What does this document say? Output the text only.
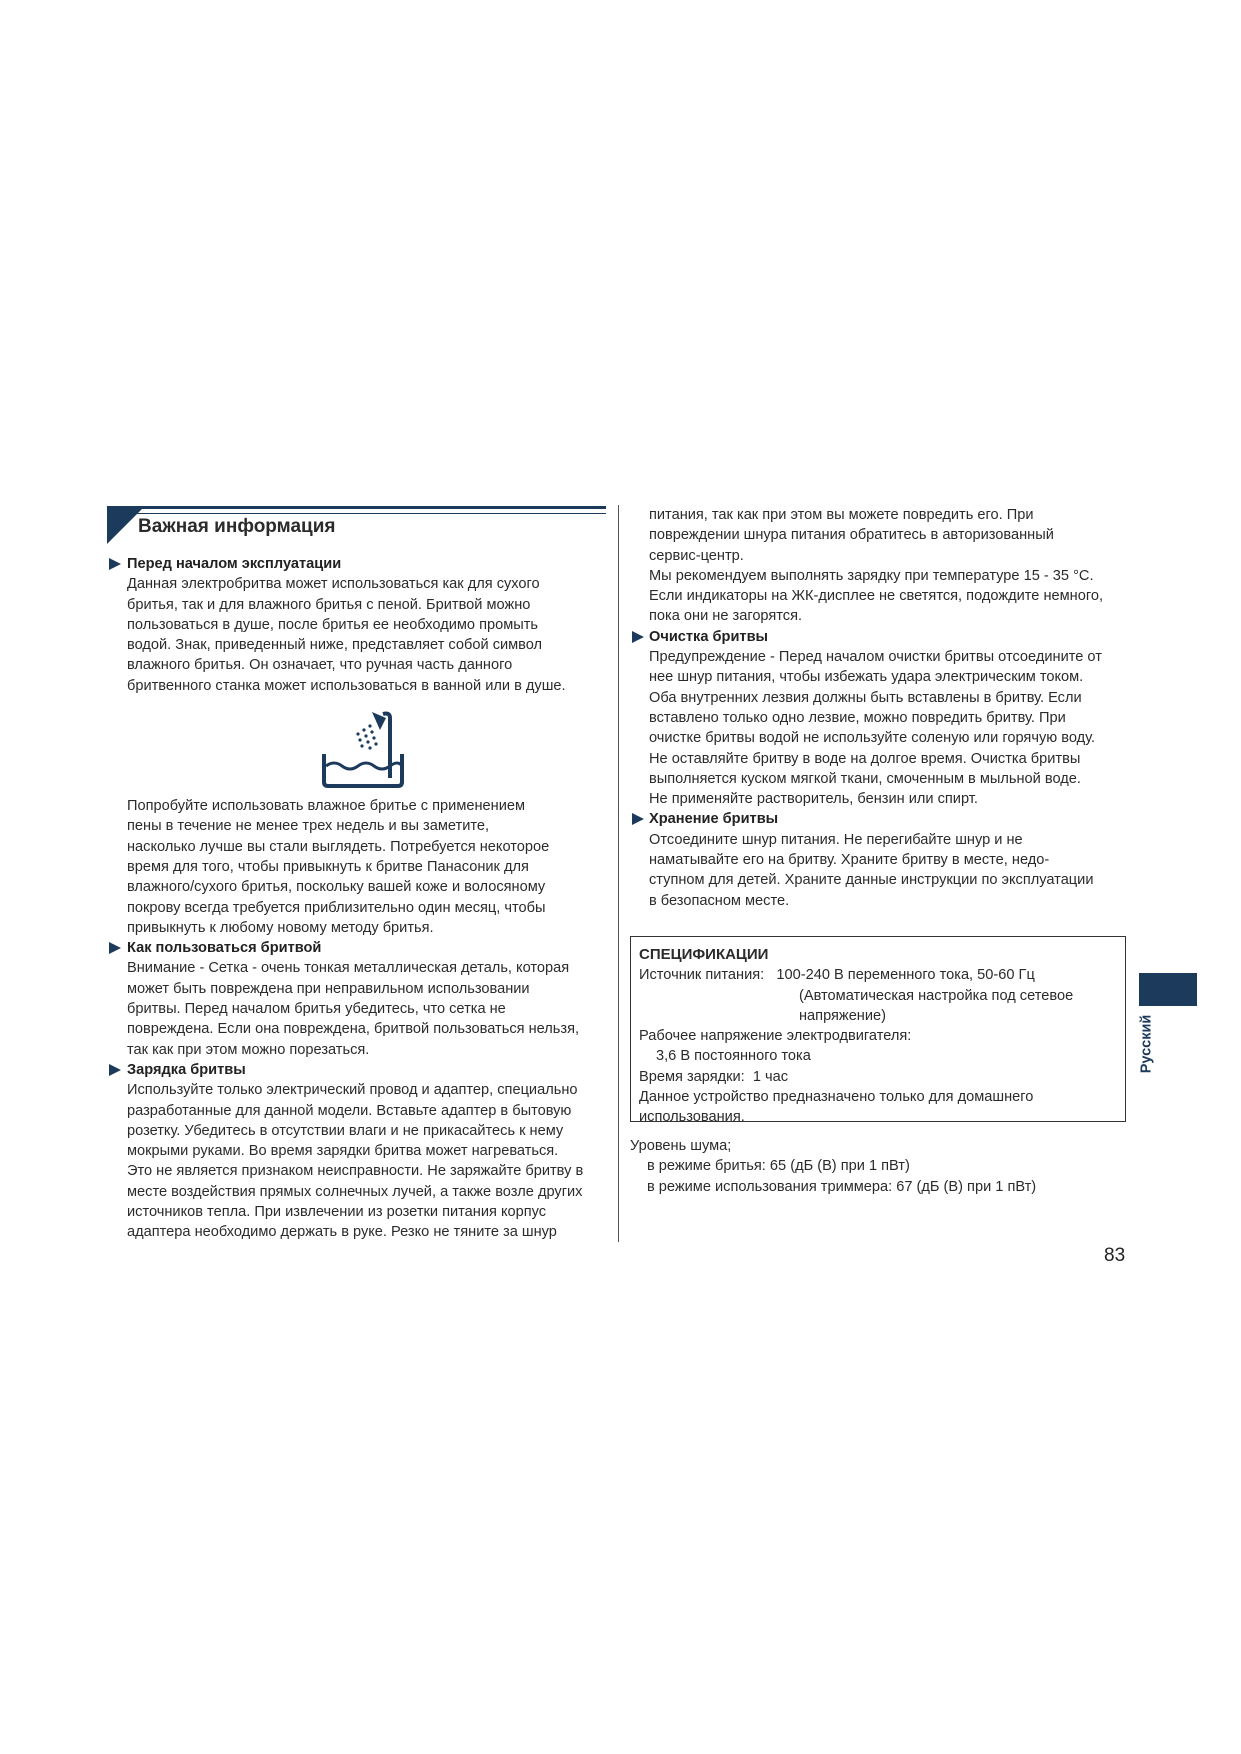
Важная информация
Перед началом эксплуатации
Данная электробритва может использоваться как для сухого
бритья, так и для влажного бритья с пеной. Бритвой можно
пользоваться в душе, после бритья ее необходимо промыть
водой. Знак, приведенный ниже, представляет собой символ
влажного бритья. Он означает, что ручная часть данного
бритвенного станка может использоваться в ванной или в душе.
Попробуйте использовать влажное бритье с применением
пены в течение не менее трех недель и вы заметите,
насколько лучше вы стали выглядеть. Потребуется некоторое
время для того, чтобы привыкнуть к бритве Панасоник для
влажного/сухого бритья, поскольку вашей коже и волосяному
покрову всегда требуется приблизительно один месяц, чтобы
привыкнуть к любому новому методу бритья.
Как пользоваться бритвой
Внимание - Сетка - очень тонкая металлическая деталь, которая
может быть повреждена при неправильном использовании
бритвы. Перед началом бритья убедитесь, что сетка не
повреждена. Если она повреждена, бритвой пользоваться нельзя,
так как при этом можно порезаться.
Зарядка бритвы
Используйте только электрический провод и адаптер, специально
разработанные для данной модели. Вставьте адаптер в бытовую
розетку. Убедитесь в отсутствии влаги и не прикасайтесь к нему
мокрыми руками. Во время зарядки бритва может нагреваться.
Это не является признаком неисправности. Не заряжайте бритву в
месте воздействия прямых солнечных лучей, а также возле других
источников тепла. При извлечении из розетки питания корпус
адаптера необходимо держать в руке. Резко не тяните за шнур
питания, так как при этом вы можете повредить его. При
повреждении шнура питания обратитесь в авторизованный
сервис-центр.
Мы рекомендуем выполнять зарядку при температуре 15 - 35 °C.
Если индикаторы на ЖК-дисплее не светятся, подождите немного,
пока они не загорятся.
Очистка бритвы
Предупреждение - Перед началом очистки бритвы отсоедините от
нее шнур питания, чтобы избежать удара электрическим током.
Оба внутренних лезвия должны быть вставлены в бритву. Если
вставлено только одно лезвие, можно повредить бритву. При
очистке бритвы водой не используйте соленую или горячую воду.
Не оставляйте бритву в воде на долгое время. Очистка бритвы
выполняется куском мягкой ткани, смоченным в мыльной воде.
Не применяйте растворитель, бензин или спирт.
Хранение бритвы
Отсоедините шнур питания. Не перегибайте шнур и не
наматывайте его на бритву. Храните бритву в месте, недо-
ступном для детей. Храните данные инструкции по эксплуатации
в безопасном месте.
СПЕЦИФИКАЦИИ
Источник питания: 100-240 В переменного тока, 50-60 Гц
(Автоматическая настройка под сетевое
напряжение)
Рабочее напряжение электродвигателя:
3,6 В постоянного тока
Время зарядки: 1 час
Данное устройство предназначено только для домашнего
использования.
Уровень шума;
в режиме бритья: 65 (дБ (В) при 1 пВт)
в режиме использования триммера: 67 (дБ (В) при 1 пВт)
83
Русский
